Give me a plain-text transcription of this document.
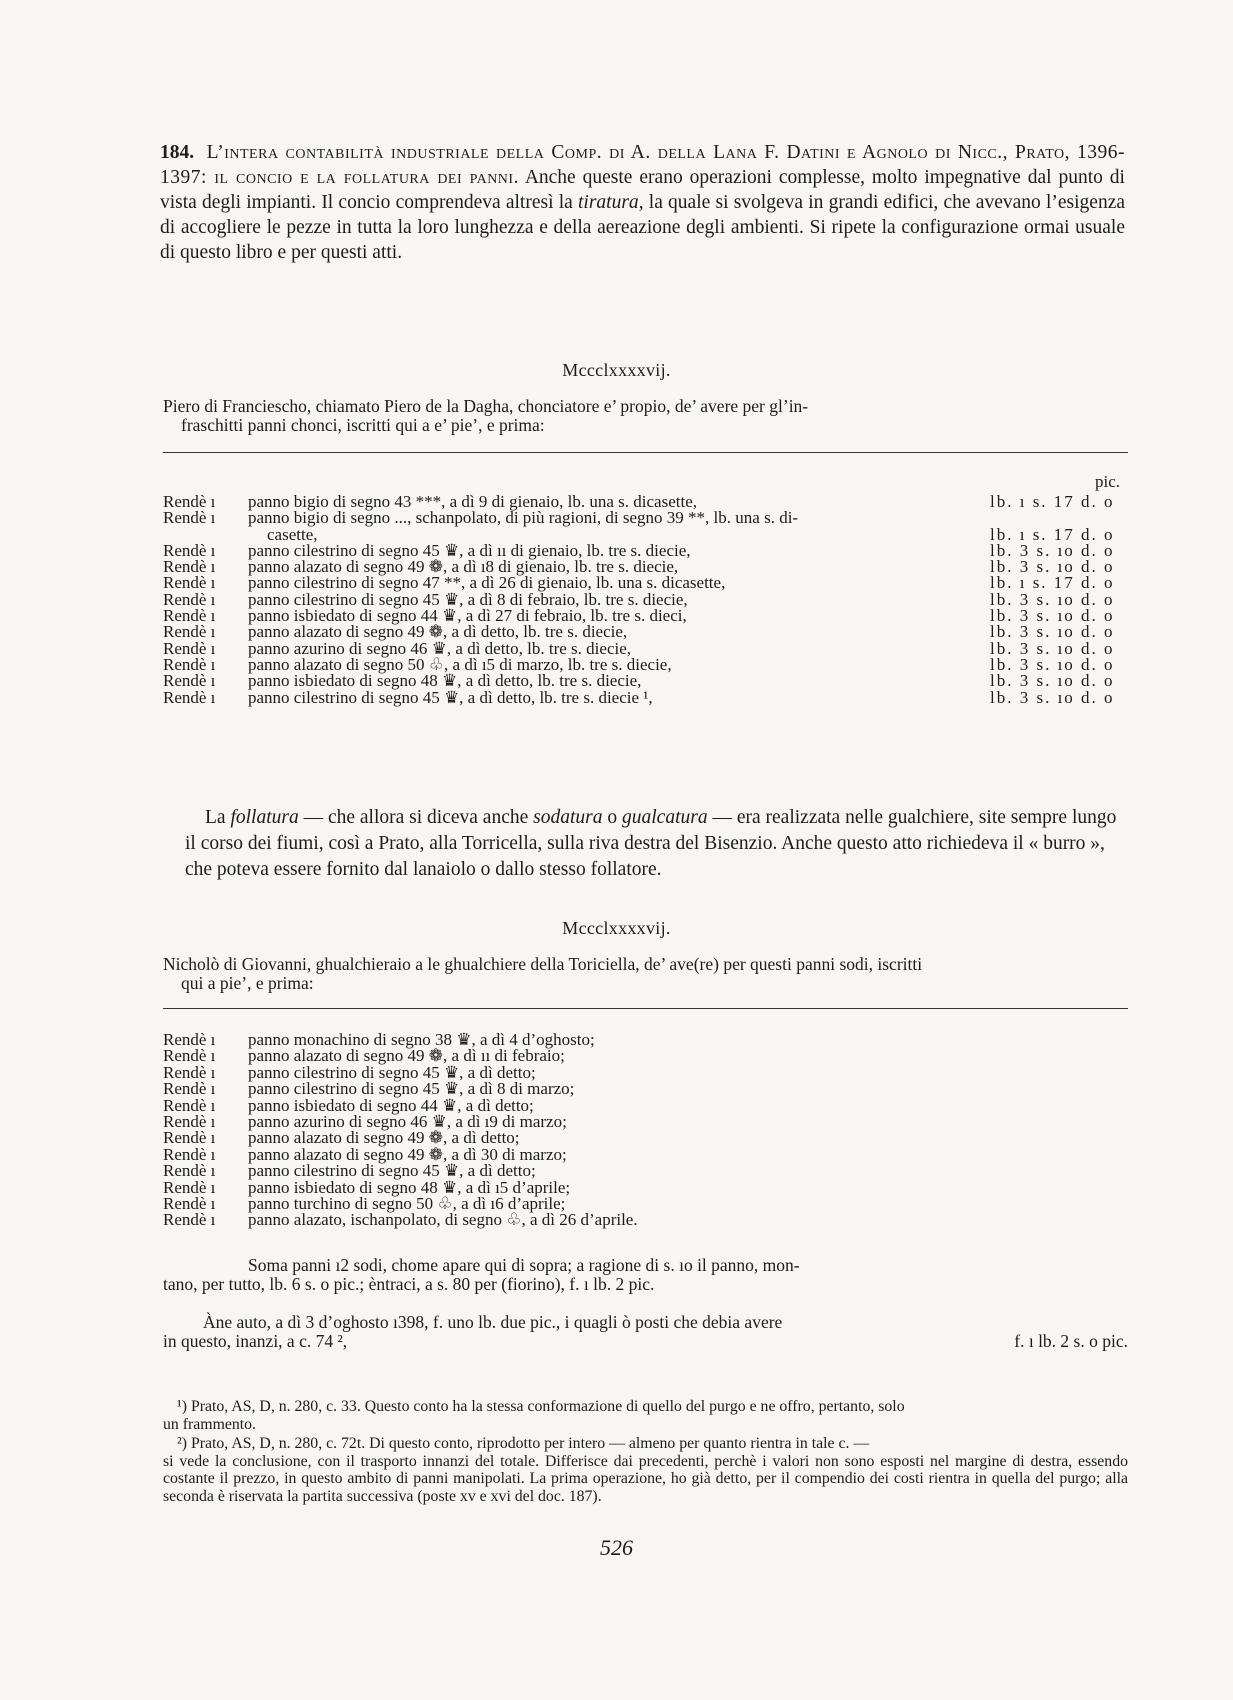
184. L’intera contabilità industriale della Comp. di A. della Lana F. Datini e Agnolo di Nicc., Prato, 1396-1397: il concio e la follatura dei panni. Anche queste erano operazioni complesse, molto impegnative dal punto di vista degli impianti. Il concio comprendeva altresì la tiratura, la quale si svolgeva in grandi edifici, che avevano l’esigenza di accogliere le pezze in tutta la loro lunghezza e della aereazione degli ambienti. Si ripete la configurazione ormai usuale di questo libro e per questi atti.
Mccclxxxxvij.
Piero di Franciescho, chiamato Piero de la Dagha, chonciatore e’ propio, de’ avere per gl’in-
fraschitti panni chonci, iscritti qui a e’ pie’, e prima:
pic.
Rendè ı panno bigio di segno 43 ***, a dì 9 di gienaio, lb. una s. dicasette,	lb. ı s. 17 d. o
Rendè ı panno bigio di segno ..., schanpolato, di più ragioni, di segno 39 **, lb. una s. di-
casette,	lb. ı s. 17 d. o
Rendè ı panno cilestrino di segno 45 ♛, a dì ıı di gienaio, lb. tre s. diecie,	lb. 3 s. ıo d. o
Rendè ı panno alazato di segno 49 ❁, a dì ı8 di gienaio, lb. tre s. diecie,	lb. 3 s. ıo d. o
Rendè ı panno cilestrino di segno 47 **, a dì 26 di gienaio, lb. una s. dicasette,	lb. ı s. 17 d. o
Rendè ı panno cilestrino di segno 45 ♛, a dì 8 di febraio, lb. tre s. diecie,	lb. 3 s. ıo d. o
Rendè ı panno isbiedato di segno 44 ♛, a dì 27 di febraio, lb. tre s. dieci,	lb. 3 s. ıo d. o
Rendè ı panno alazato di segno 49 ❁, a dì detto, lb. tre s. diecie,	lb. 3 s. ıo d. o
Rendè ı panno azurino di segno 46 ♛, a dì detto, lb. tre s. diecie,	lb. 3 s. ıo d. o
Rendè ı panno alazato di segno 50 ♧, a dì ı5 di marzo, lb. tre s. diecie,	lb. 3 s. ıo d. o
Rendè ı panno isbiedato di segno 48 ♛, a dì detto, lb. tre s. diecie,	lb. 3 s. ıo d. o
Rendè ı panno cilestrino di segno 45 ♛, a dì detto, lb. tre s. diecie ¹,	lb. 3 s. ıo d. o
La follatura — che allora si diceva anche sodatura o gualcatura — era realizzata nelle gualchiere, site sempre lungo il corso dei fiumi, così a Prato, alla Torricella, sulla riva destra del Bisenzio. Anche questo atto richiedeva il « burro », che poteva essere fornito dal lanaiolo o dallo stesso follatore.
Mccclxxxxvij.
Nicholò di Giovanni, ghualchieraio a le ghualchiere della Toriciella, de’ ave(re) per questi panni sodi, iscritti
qui a pie’, e prima:
Rendè ı panno monachino di segno 38 ♛, a dì 4 d’oghosto;
Rendè ı panno alazato di segno 49 ❁, a dì ıı di febraio;
Rendè ı panno cilestrino di segno 45 ♛, a dì detto;
Rendè ı panno cilestrino di segno 45 ♛, a dì 8 di marzo;
Rendè ı panno isbiedato di segno 44 ♛, a dì detto;
Rendè ı panno azurino di segno 46 ♛, a dì ı9 di marzo;
Rendè ı panno alazato di segno 49 ❁, a dì detto;
Rendè ı panno alazato di segno 49 ❁, a dì 30 di marzo;
Rendè ı panno cilestrino di segno 45 ♛, a dì detto;
Rendè ı panno isbiedato di segno 48 ♛, a dì ı5 d’aprile;
Rendè ı panno turchino di segno 50 ♧, a dì ı6 d’aprile;
Rendè ı panno alazato, ischanpolato, di segno ♧, a dì 26 d’aprile.
Soma panni ı2 sodi, chome apare qui di sopra; a ragione di s. ıo il panno, mon-
tano, per tutto, lb. 6 s. o pic.; èntraci, a s. 80 per (fiorino), f. ı lb. 2 pic.
Àne auto, a dì 3 d’oghosto ı398, f. uno lb. due pic., i quagli ò posti che debia avere
in questo, inanzi, a c. 74 ²,	f. ı lb. 2 s. o pic.

¹) Prato, AS, D, n. 280, c. 33. Questo conto ha la stessa conformazione di quello del purgo e ne offro, pertanto, solo
un frammento.

²) Prato, AS, D, n. 280, c. 72t. Di questo conto, riprodotto per intero — almeno per quanto rientra in tale c. —
si vede la conclusione, con il trasporto innanzi del totale. Differisce dai precedenti, perchè i valori non sono esposti nel margine di destra, essendo costante il prezzo, in questo ambito di panni manipolati. La prima operazione, ho già detto, per il compendio dei costi rientra in quella del purgo; alla seconda è riservata la partita successiva (poste xv e xvi del doc. 187).

526
